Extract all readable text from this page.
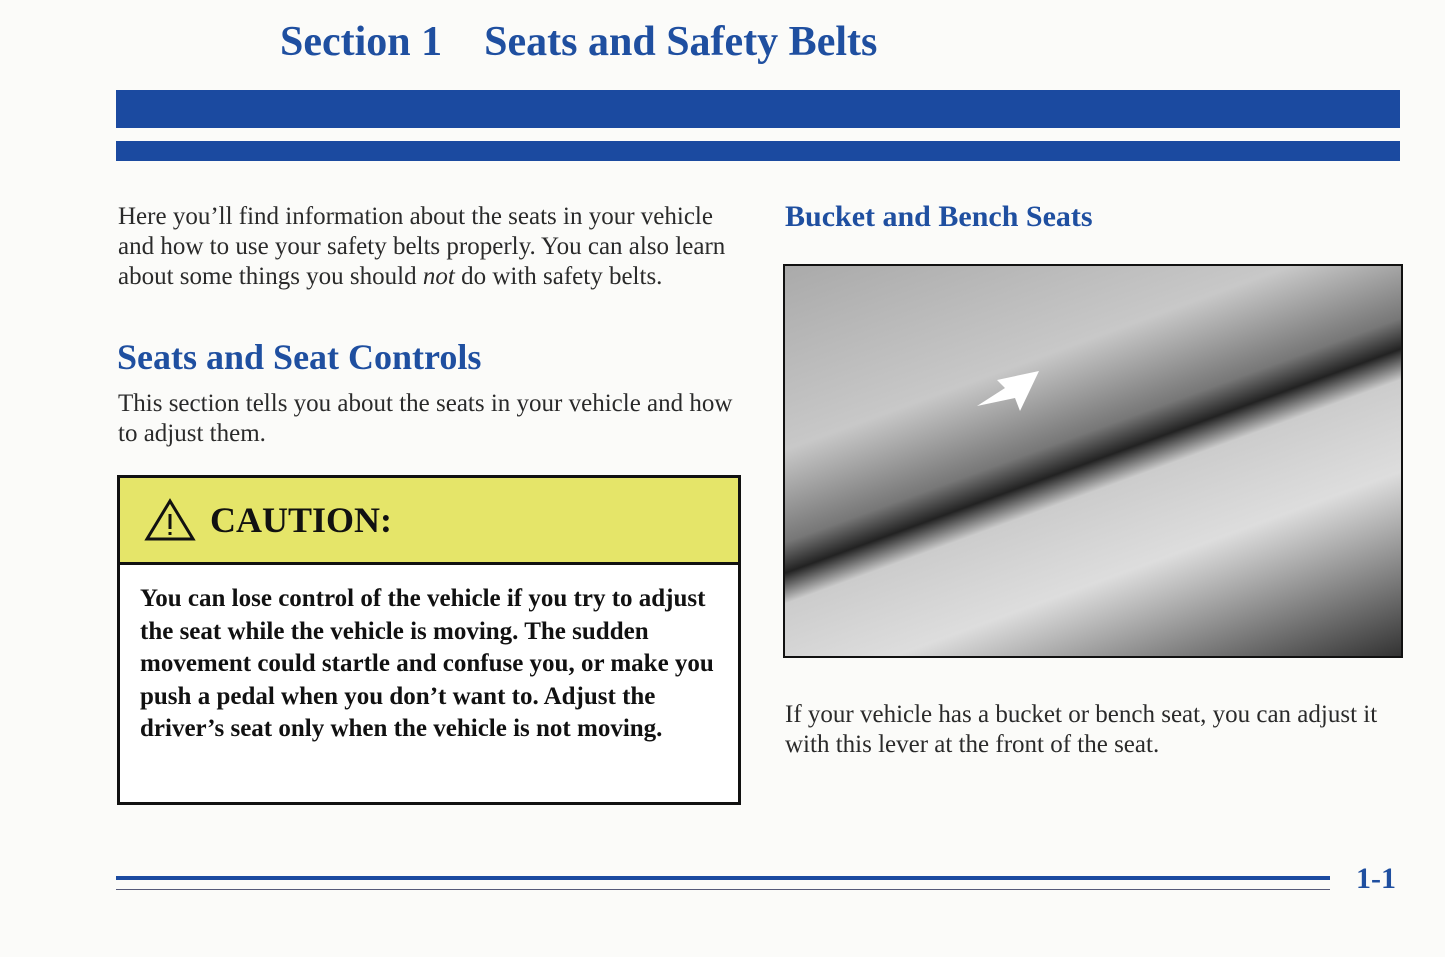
Section 1    Seats and Safety Belts
Here you’ll find information about the seats in your vehicle and how to use your safety belts properly. You can also learn about some things you should not do with safety belts.
Seats and Seat Controls
This section tells you about the seats in your vehicle and how to adjust them.
CAUTION:
You can lose control of the vehicle if you try to adjust the seat while the vehicle is moving. The sudden movement could startle and confuse you, or make you push a pedal when you don’t want to. Adjust the driver’s seat only when the vehicle is not moving.
Bucket and Bench Seats
If your vehicle has a bucket or bench seat, you can adjust it with this lever at the front of the seat.
1-1
